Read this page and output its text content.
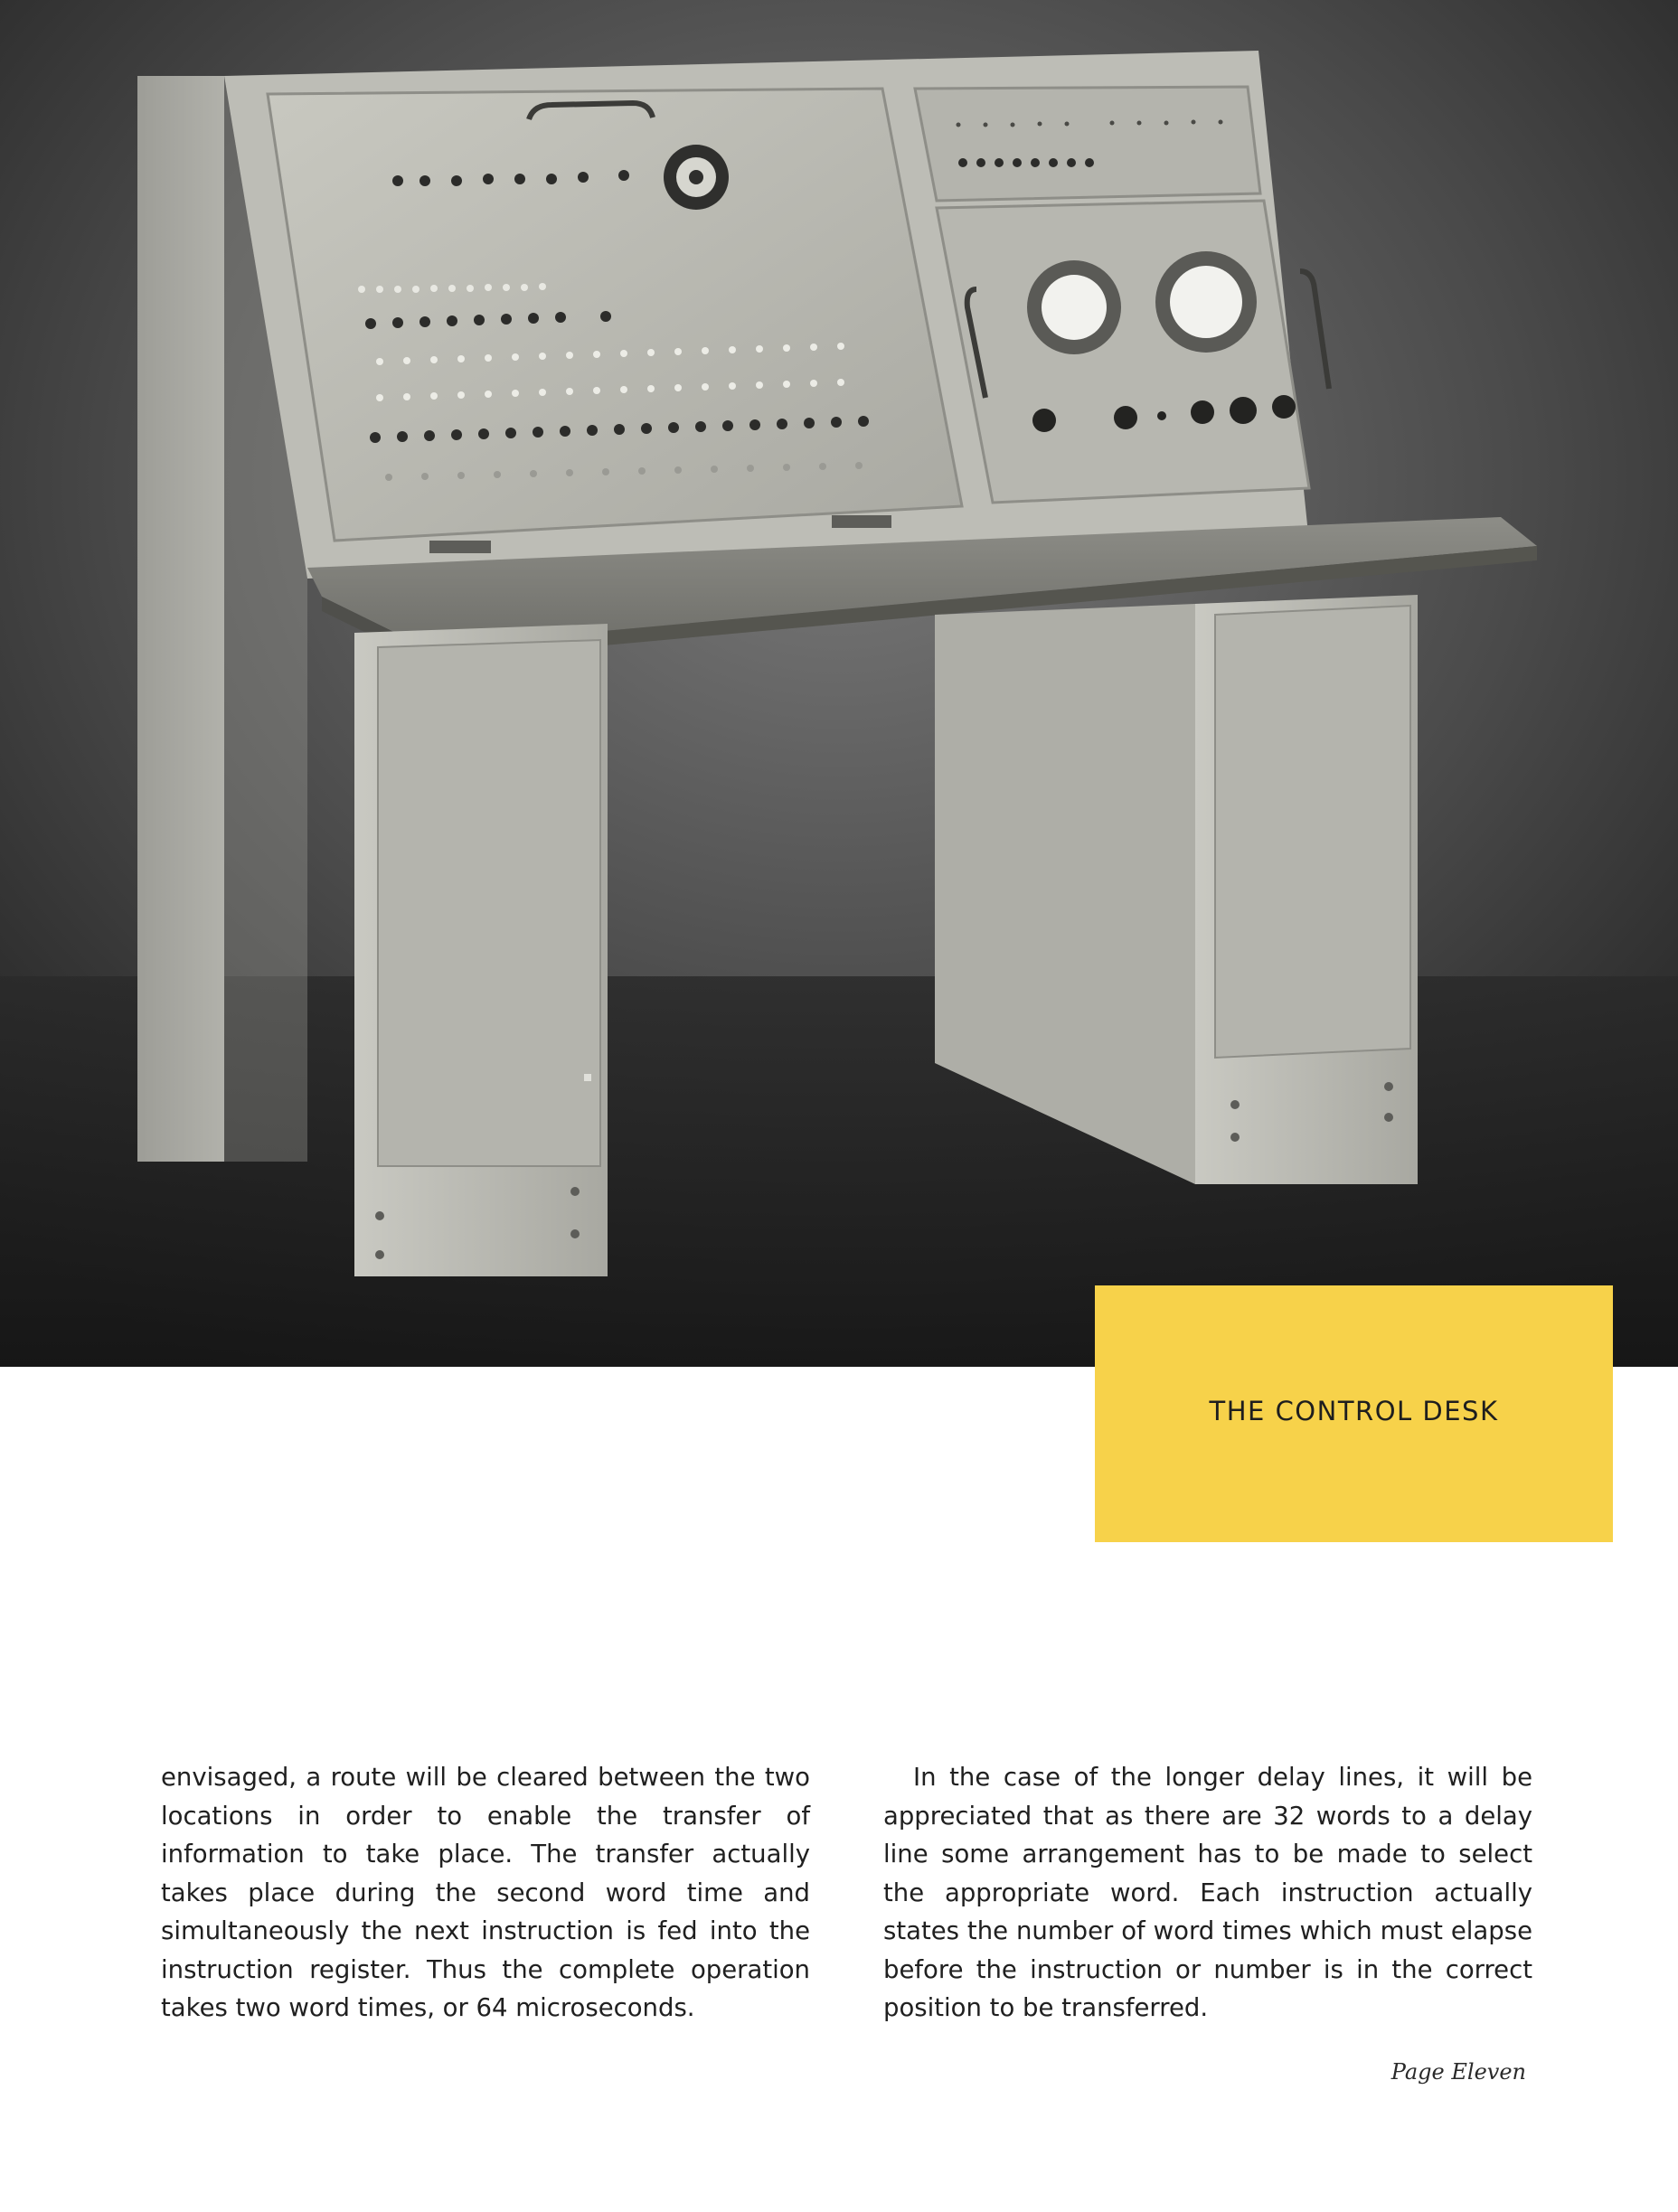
THE CONTROL DESK

envisaged, a route will be cleared between the two locations in order to enable the transfer of information to take place. The transfer actually takes place during the second word time and simultaneously the next instruction is fed into the instruction register. Thus the complete operation takes two word times, or 64 microseconds.

In the case of the longer delay lines, it will be appreciated that as there are 32 words to a delay line some arrangement has to be made to select the appropriate word. Each instruction actually states the number of word times which must elapse before the instruction or number is in the correct position to be transferred.

Page Eleven
